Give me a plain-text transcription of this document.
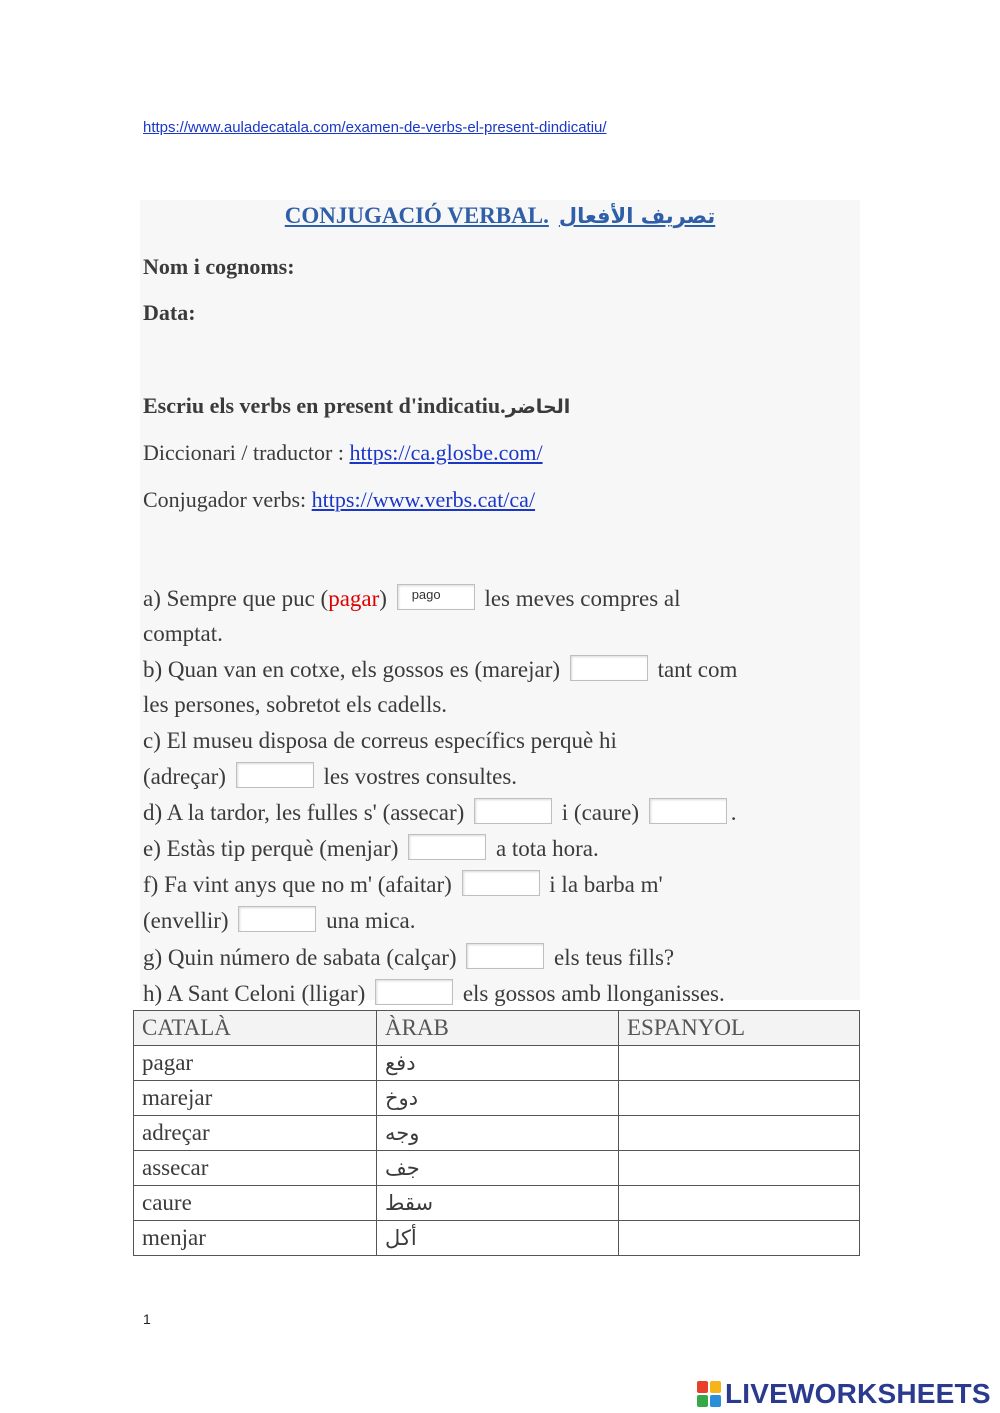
https://www.auladecatala.com/examen-de-verbs-el-present-dindicatiu/
CONJUGACIÓ VERBAL. تصريف الأفعال
Nom i cognoms:
Data:
Escriu els verbs en present d'indicatiu.الحاضر
Diccionari / traductor : https://ca.glosbe.com/
Conjugador verbs: https://www.verbs.cat/ca/
a) Sempre que puc (pagar) pago les meves compres al
comptat.
b) Quan van en cotxe, els gossos es (marejar)	tant com
les persones, sobretot els cadells.
c) El museu disposa de correus específics perquè hi
(adreçar)	les vostres consultes.
d) A la tardor, les fulles s' (assecar)	i (caure)	.
e) Estàs tip perquè (menjar)	a tota hora.
f) Fa vint anys que no m' (afaitar)	i la barba m'
(envellir)	una mica.
g) Quin número de sabata (calçar)	els teus fills?
h) A Sant Celoni (lligar)	els gossos amb llonganisses.
CATALÀ	ÀRAB	ESPANYOL
pagar	دفع	
marejar	دوخ	
adreçar	وجه	
assecar	جف	
caure	سقط	
menjar	أكل	
1
LIVEWORKSHEETS
